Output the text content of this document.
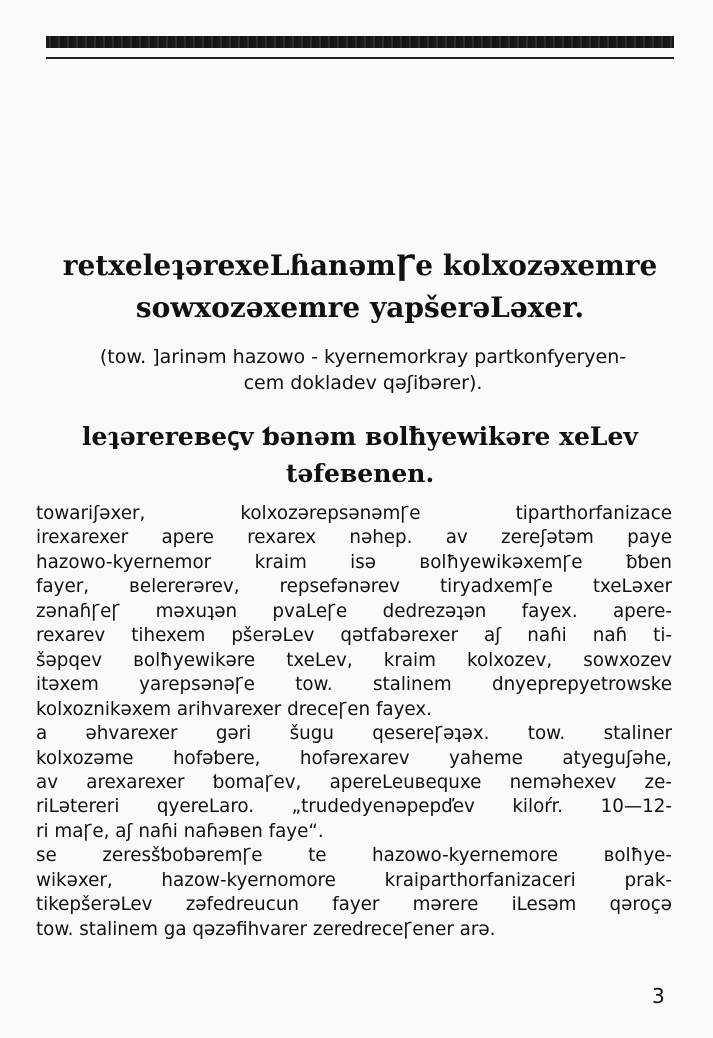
retxeleʇərexeLɦanəmꞄe kolxozəxemre
sowxozəxemre yapšerəLəxer.
(tow. ]arinəm hazowo - kyernemorkray partkonfyeryen-
cem dokladev qəʃiƅərer).
leʇərereвeꞔv ƅənəm вolħyewikəre xeLev
təfeвenen.

towariʃəxer, kolxozərepsənəmꞄe tiparthorfanizace
irexarexer apere rexarex nəhep. av zereʃətəm paye
hazowo-kyernemor kraim isə вolħyewikəxemꞄe ƀƅen
fayer, вelererərev, repsefənərev tiryadxemꞄe txeLəxer
zənaɦꞄeꞄ məxuʇən pvaLeꞄe dedrezəʇən fayex. apere-
rexarev tihexem pšerəLev qətfaƅərexer aʃ naɦi naɦ ti-
šəpqev вolħyewikəre txeLev, kraim kolxozev, sowxozev
itəxem yarepsənəꞄe tow. stalinem dnyeprepyetrowske
kolxoznikəxem arihvarexer dreceꞄen fayex.

a əhvarexer gəri šugu qesereꞄəʇəx. tow. staliner
kolxozəme hofəƅere, hofərexarev yaheme atyeguʃəhe,
av arexarexer ƅomaꞄev, apereLeuвequxe neməhexev ze-
riLətereri qyereLaro. „trudedyenəpepďev kiloŕr. 10—12-
ri maꞄe, aʃ naɦi naɦəвen faye“.

se zeresšƅoƅəremꞄe te hazowo-kyernemore вolħye-
wikəxer, hazow-kyernomore kraiparthorfanizaceri prak-
tikepšerəLev zəfedreucun fayer mərere iLesəm qəroçə
tow. stalinem ga qəzəfihvarer zeredreceꞄener arə.

3
